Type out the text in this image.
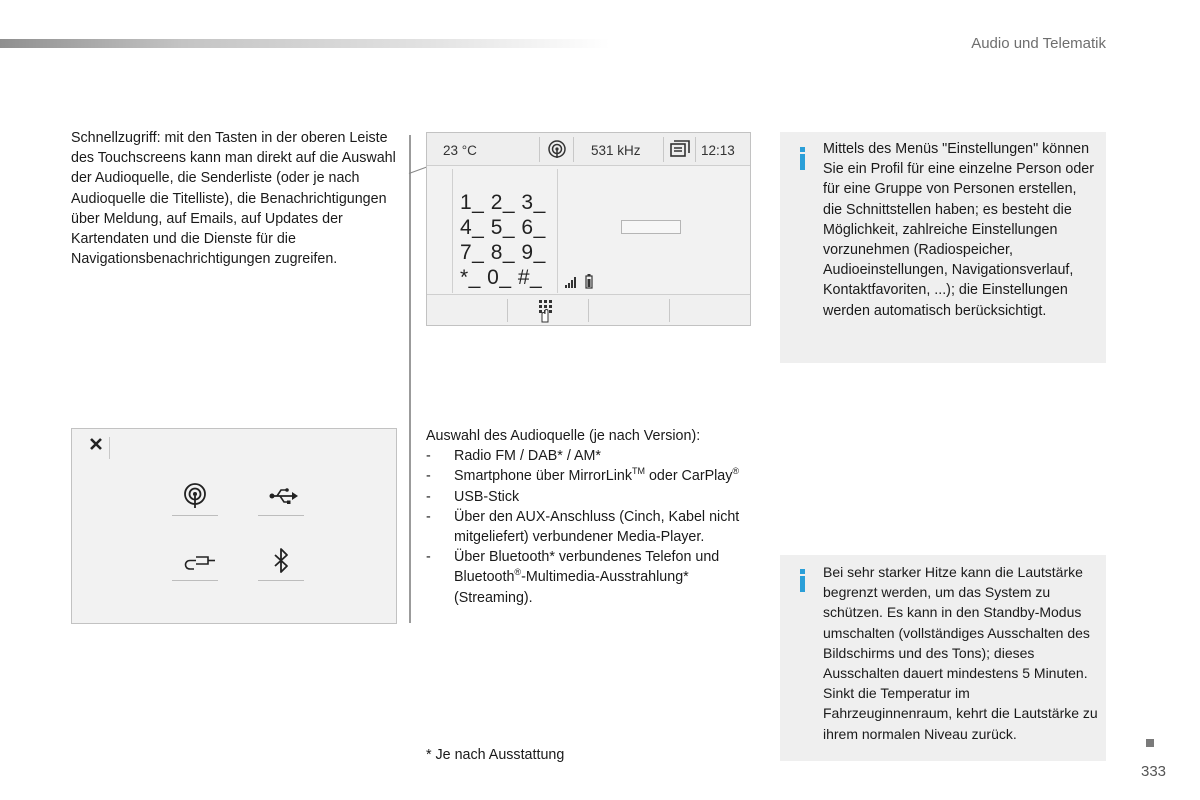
Audio und Telematik

Schnellzugriff: mit den Tasten in der oberen Leiste des Touchscreens kann man direkt auf die Auswahl der Audioquelle, die Senderliste (oder je nach Audioquelle die Titelliste), die Benachrichtigungen über Meldung, auf Emails, auf Updates der Kartendaten und die Dienste für die Navigationsbenachrichtigungen zugreifen.

23 °C	531 kHz	12:13
1_ 2_ 3_
4_ 5_ 6_
7_ 8_ 9_
*_ 0_ #_

Auswahl des Audioquelle (je nach Version):

- Radio FM / DAB* / AM*
- Smartphone über MirrorLink™ oder CarPlay®
- USB-Stick
- Über den AUX-Anschluss (Cinch, Kabel nicht mitgeliefert) verbundener Media-Player.
- Über Bluetooth* verbundenes Telefon und Bluetooth®-Multimedia-Ausstrahlung* (Streaming).

* Je nach Ausstattung

Mittels des Menüs "Einstellungen" können Sie ein Profil für eine einzelne Person oder für eine Gruppe von Personen erstellen, die Schnittstellen haben; es besteht die Möglichkeit, zahlreiche Einstellungen vorzunehmen (Radiospeicher, Audioeinstellungen, Navigationsverlauf, Kontaktfavoriten, ...); die Einstellungen werden automatisch berücksichtigt.

Bei sehr starker Hitze kann die Lautstärke begrenzt werden, um das System zu schützen. Es kann in den Standby-Modus umschalten (vollständiges Ausschalten des Bildschirms und des Tons); dieses Ausschalten dauert mindestens 5 Minuten. Sinkt die Temperatur im Fahrzeuginnenraum, kehrt die Lautstärke zu ihrem normalen Niveau zurück.

333
